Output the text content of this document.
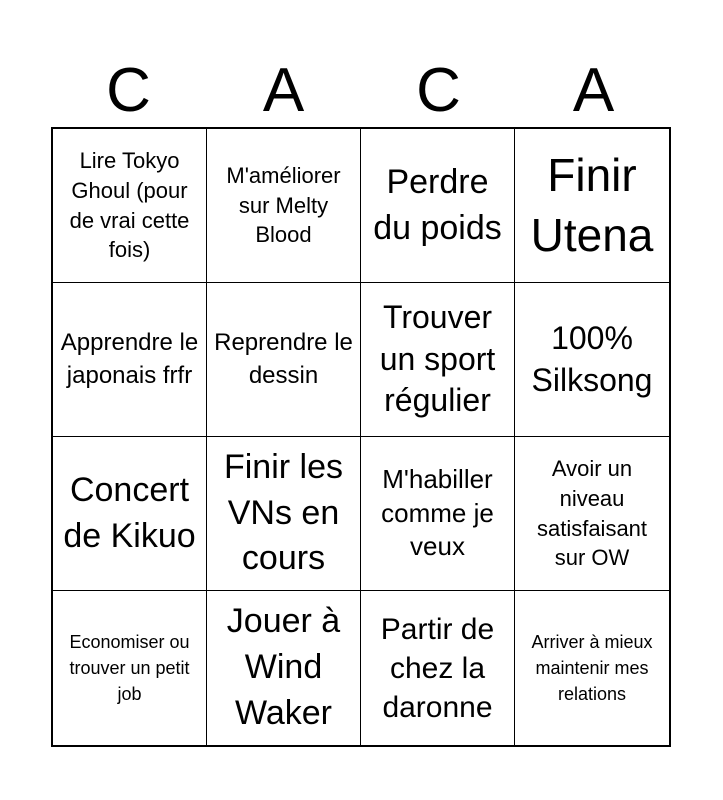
C	A	C	A
Lire Tokyo Ghoul (pour de vrai cette fois)
M'améliorer sur Melty Blood
Perdre du poids
Finir Utena
Apprendre le japonais frfr
Reprendre le dessin
Trouver un sport régulier
100% Silksong
Concert de Kikuo
Finir les VNs en cours
M'habiller comme je veux
Avoir un niveau satisfaisant sur OW
Economiser ou trouver un petit job
Jouer à Wind Waker
Partir de chez la daronne
Arriver à mieux maintenir mes relations
